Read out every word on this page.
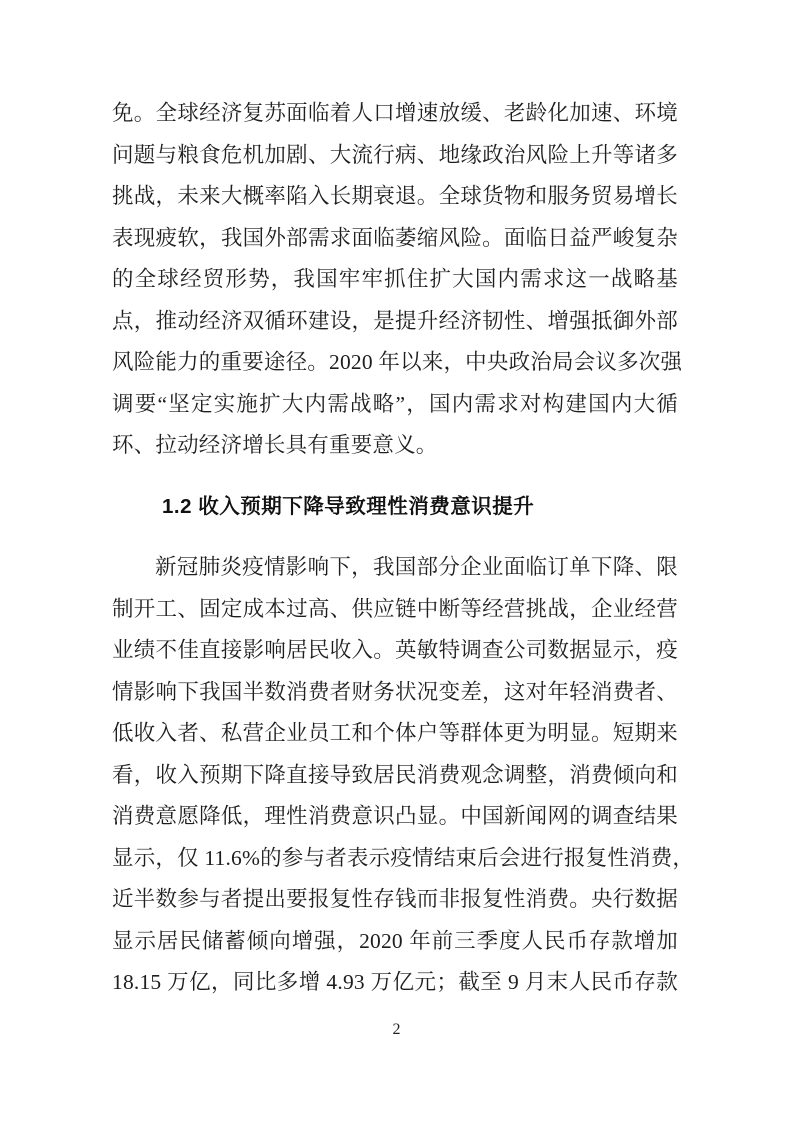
免。全球经济复苏面临着人口增速放缓、老龄化加速、环境
问题与粮食危机加剧、大流行病、地缘政治风险上升等诸多
挑战，未来大概率陷入长期衰退。全球货物和服务贸易增长
表现疲软，我国外部需求面临萎缩风险。面临日益严峻复杂
的全球经贸形势，我国牢牢抓住扩大国内需求这一战略基
点，推动经济双循环建设，是提升经济韧性、增强抵御外部
风险能力的重要途径。2020 年以来，中央政治局会议多次强
调要“坚定实施扩大内需战略”，国内需求对构建国内大循
环、拉动经济增长具有重要意义。
1.2 收入预期下降导致理性消费意识提升
新冠肺炎疫情影响下，我国部分企业面临订单下降、限
制开工、固定成本过高、供应链中断等经营挑战，企业经营
业绩不佳直接影响居民收入。英敏特调查公司数据显示，疫
情影响下我国半数消费者财务状况变差，这对年轻消费者、
低收入者、私营企业员工和个体户等群体更为明显。短期来
看，收入预期下降直接导致居民消费观念调整，消费倾向和
消费意愿降低，理性消费意识凸显。中国新闻网的调查结果
显示，仅 11.6%的参与者表示疫情结束后会进行报复性消费，
近半数参与者提出要报复性存钱而非报复性消费。央行数据
显示居民储蓄倾向增强，2020 年前三季度人民币存款增加
18.15 万亿，同比多增 4.93 万亿元；截至 9 月末人民币存款
2
